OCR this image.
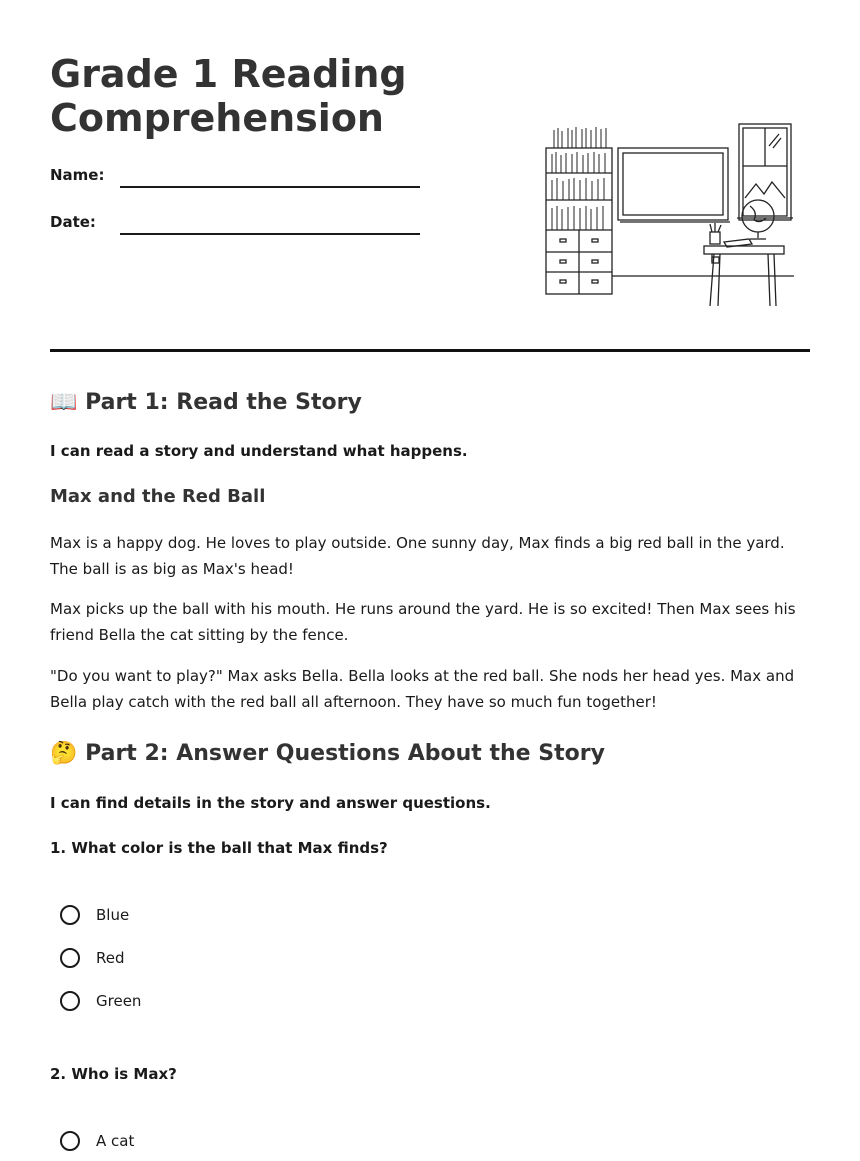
Grade 1 Reading
Comprehension
Name:
Date:
📖 Part 1: Read the Story
I can read a story and understand what happens.
Max and the Red Ball

Max is a happy dog. He loves to play outside. One sunny day, Max finds a big red ball in the yard. The ball is as big as Max's head!

Max picks up the ball with his mouth. He runs around the yard. He is so excited! Then Max sees his friend Bella the cat sitting by the fence.

"Do you want to play?" Max asks Bella. Bella looks at the red ball. She nods her head yes. Max and Bella play catch with the red ball all afternoon. They have so much fun together!

🤔 Part 2: Answer Questions About the Story
I can find details in the story and answer questions.
1. What color is the ball that Max finds?
Blue
Red
Green
2. Who is Max?
A cat
